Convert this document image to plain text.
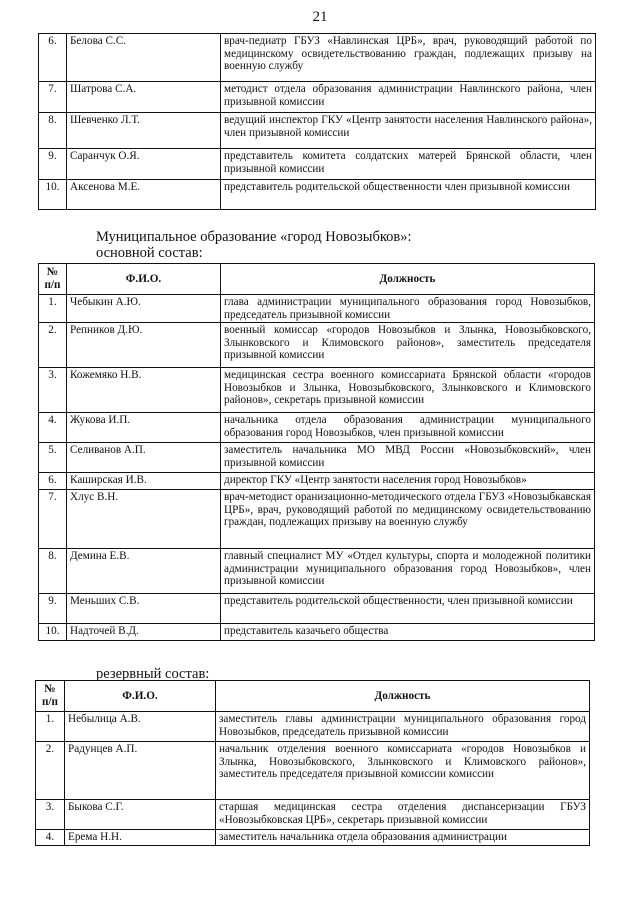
21
6.	Белова С.С.	врач-педиатр ГБУЗ «Навлинская ЦРБ», врач, руководящий работой по медицинскому освидетельствованию граждан, подлежащих призыву на военную службу
7.	Шатрова С.А.	методист отдела образования администрации Навлинского района, член призывной комиссии
8.	Шевченко Л.Т.	ведущий инспектор ГКУ «Центр занятости населения Навлинского района», член призывной комиссии
9.	Саранчук О.Я.	представитель комитета солдатских матерей Брянской области, член призывной комиссии
10.	Аксенова М.Е.	представитель родительской общественности член призывной комиссии
Муниципальное образование «город Новозыбков»:
основной состав:
№ п/п	Ф.И.О.	Должность
1.	Чебыкин А.Ю.	глава администрации муниципального образования город Новозыбков, председатель призывной комиссии
2.	Репников Д.Ю.	военный комиссар «городов Новозыбков и Злынка, Новозыбковского, Злынковского и Климовского районов», заместитель председателя призывной комиссии
3.	Кожемяко Н.В.	медицинская сестра военного комиссариата Брянской области «городов Новозыбков и Злынка, Новозыбковского, Злынковского и Климовского районов», секретарь призывной комиссии
4.	Жукова И.П.	начальника отдела образования администрации муниципального образования город Новозыбков, член призывной комиссии
5.	Селиванов А.П.	заместитель начальника МО МВД России «Новозыбковский», член призывной комиссии
6.	Каширская И.В.	директор ГКУ «Центр занятости населения город Новозыбков»
7.	Хлус В.Н.	врач-методист оранизационно-методического отдела ГБУЗ «Новозыбкавская ЦРБ», врач, руководящий работой по медицинскому освидетельствованию граждан, подлежащих призыву на военную службу
8.	Демина Е.В.	главный специалист МУ «Отдел культуры, спорта и молодежной политики администрации муниципального образования город Новозыбков», член призывной комиссии
9.	Меньших С.В.	представитель родительской общественности, член призывной комиссии
10.	Надточей В.Д.	представитель казачьего общества
резервный состав:
№ п/п	Ф.И.О.	Должность
1.	Небылица А.В.	заместитель главы администрации муниципального образования город Новозыбков, председатель призывной комиссии
2.	Радунцев А.П.	начальник отделения военного комиссариата «городов Новозыбков и Злынка, Новозыбковского, Злынковского и Климовского районов», заместитель председателя призывной комиссии комиссии
3.	Быкова С.Г.	старшая медицинская сестра отделения диспансеризации ГБУЗ «Новозыбковская ЦРБ», секретарь призывной комиссии
4.	Ерема Н.Н.	заместитель начальника отдела образования администрации
